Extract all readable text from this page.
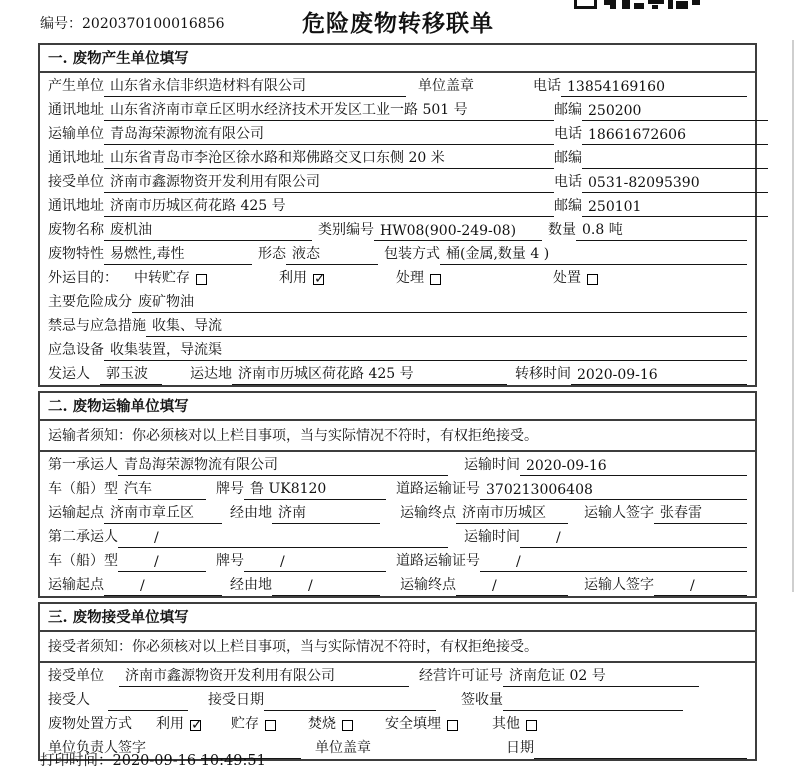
编号：2020370100016856	危险废物转移联单
一. 废物产生单位填写
产生单位 山东省永信非织造材料有限公司	单位盖章	电话 13854169160
通讯地址 山东省济南市章丘区明水经济技术开发区工业一路 501 号	邮编 250200
运输单位 青岛海荣源物流有限公司	电话 18661672606
通讯地址 山东省青岛市李沧区徐水路和郑佛路交叉口东侧 20 米	邮编
接受单位 济南市鑫源物资开发利用有限公司	电话 0531-82095390
通讯地址 济南市历城区荷花路 425 号	邮编 250101
废物名称 废机油	类别编号 HW08(900-249-08)	数量 0.8 吨
废物特性 易燃性,毒性	形态 液态	包装方式 桶(金属,数量 4 )
外运目的： 中转贮存	利用 ✓	处理	处置
主要危险成分 废矿物油
禁忌与应急措施 收集、导流
应急设备 收集装置，导流渠
发运人	郭玉波	运达地 济南市历城区荷花路 425 号	转移时间 2020-09-16
二. 废物运输单位填写
运输者须知：你必须核对以上栏目事项，当与实际情况不符时，有权拒绝接受。
第一承运人 青岛海荣源物流有限公司	运输时间 2020-09-16
车（船）型 汽车	牌号 鲁 UK8120	道路运输证号 370213006408
运输起点 济南市章丘区	经由地 济南	运输终点 济南市历城区	运输人签字 张春雷
第二承运人	/	运输时间	/
车（船）型	/	牌号	/	道路运输证号	/
运输起点	/	经由地	/	运输终点	/	运输人签字	/
三. 废物接受单位填写
接受者须知：你必须核对以上栏目事项，当与实际情况不符时，有权拒绝接受。
接受单位	济南市鑫源物资开发利用有限公司	经营许可证号 济南危证 02 号
接受人	接受日期	签收量
废物处置方式 利用 ✓	贮存	焚烧	安全填埋	其他
单位负责人签字	单位盖章	日期
打印时间：2020-09-16 10:49:51
